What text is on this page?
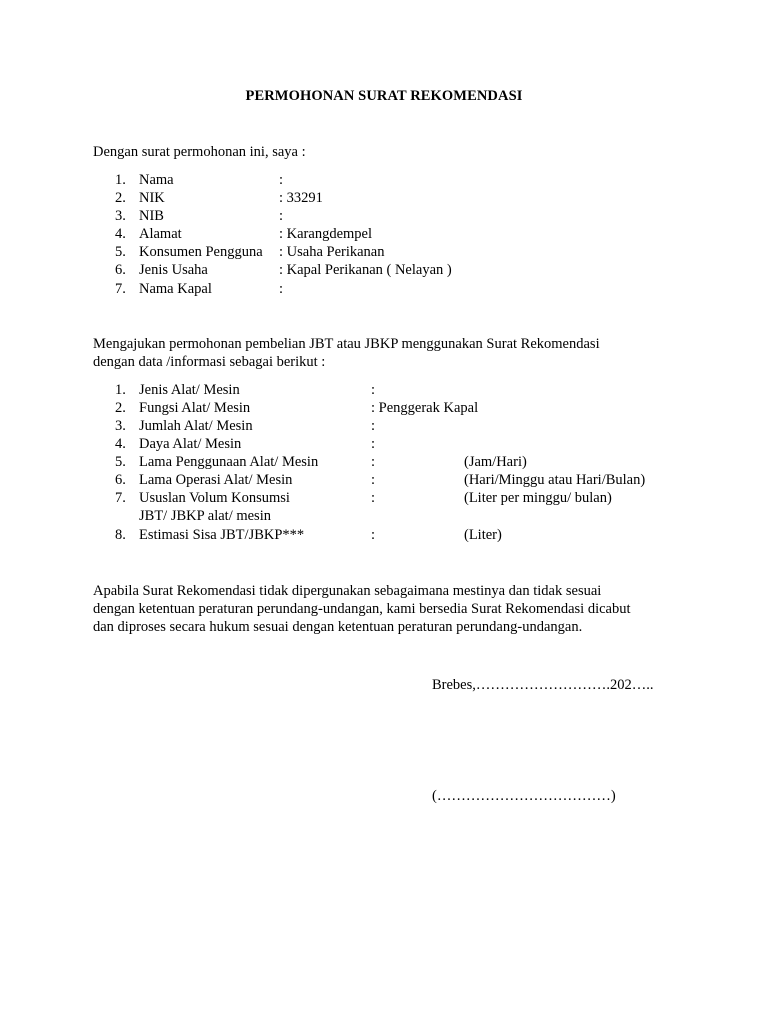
PERMOHONAN SURAT REKOMENDASI
Dengan surat permohonan ini, saya :
1. Nama	:
2. NIK	: 33291
3. NIB	:
4. Alamat	: Karangdempel
5. Konsumen Pengguna : Usaha Perikanan
6. Jenis Usaha	: Kapal Perikanan ( Nelayan )
7. Nama Kapal	:
Mengajukan permohonan pembelian JBT atau JBKP menggunakan Surat Rekomendasi
dengan data /informasi sebagai berikut :
1. Jenis Alat/ Mesin	:
2. Fungsi Alat/ Mesin	: Penggerak Kapal
3. Jumlah Alat/ Mesin	:
4. Daya Alat/ Mesin	:
5. Lama Penggunaan Alat/ Mesin	:	(Jam/Hari)
6. Lama Operasi Alat/ Mesin	:	(Hari/Minggu atau Hari/Bulan)
7. Ususlan Volum Konsumsi	:	(Liter per minggu/ bulan)
JBT/ JBKP alat/ mesin
8. Estimasi Sisa JBT/JBKP***	:	(Liter)
Apabila Surat Rekomendasi tidak dipergunakan sebagaimana mestinya dan tidak sesuai
dengan ketentuan peraturan perundang-undangan, kami bersedia Surat Rekomendasi dicabut
dan diproses secara hukum sesuai dengan ketentuan peraturan perundang-undangan.
Brebes,……………………….202…..
(………………………………)
